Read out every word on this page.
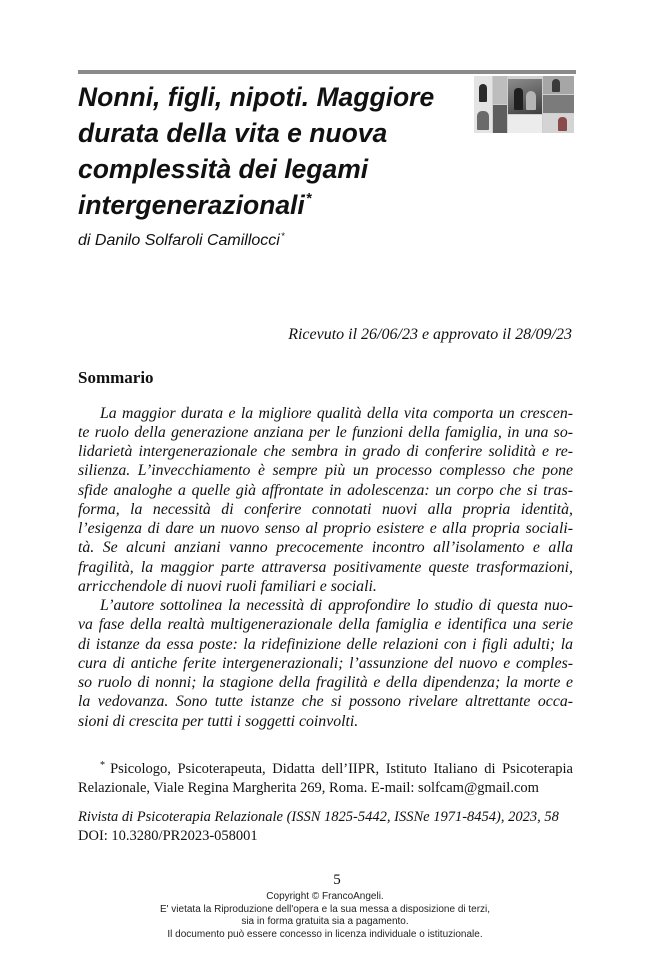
Nonni, figli, nipoti. Maggiore
durata della vita e nuova
complessità dei legami
intergenerazionali*
di Danilo Solfaroli Camillocci*
Ricevuto il 26/06/23 e approvato il 28/09/23
Sommario
La maggior durata e la migliore qualità della vita comporta un crescen-
te ruolo della generazione anziana per le funzioni della famiglia, in una so-
lidarietà intergenerazionale che sembra in grado di conferire solidità e re-
silienza. L’invecchiamento è sempre più un processo complesso che pone
sfide analoghe a quelle già affrontate in adolescenza: un corpo che si tras-
forma, la necessità di conferire connotati nuovi alla propria identità,
l’esigenza di dare un nuovo senso al proprio esistere e alla propria sociali-
tà. Se alcuni anziani vanno precocemente incontro all’isolamento e alla
fragilità, la maggior parte attraversa positivamente queste trasformazioni,
arricchendole di nuovi ruoli familiari e sociali.
L’autore sottolinea la necessità di approfondire lo studio di questa nuo-
va fase della realtà multigenerazionale della famiglia e identifica una serie
di istanze da essa poste: la ridefinizione delle relazioni con i figli adulti; la
cura di antiche ferite intergenerazionali; l’assunzione del nuovo e comples-
so ruolo di nonni; la stagione della fragilità e della dipendenza; la morte e
la vedovanza. Sono tutte istanze che si possono rivelare altrettante occa-
sioni di crescita per tutti i soggetti coinvolti.
* Psicologo, Psicoterapeuta, Didatta dell’IIPR, Istituto Italiano di Psicoterapia
Relazionale, Viale Regina Margherita 269, Roma. E-mail: solfcam@gmail.com
Rivista di Psicoterapia Relazionale (ISSN 1825-5442, ISSNe 1971-8454), 2023, 58
DOI: 10.3280/PR2023-058001
5
Copyright © FrancoAngeli.
E' vietata la Riproduzione dell'opera e la sua messa a disposizione di terzi,
sia in forma gratuita sia a pagamento.
Il documento può essere concesso in licenza individuale o istituzionale.
